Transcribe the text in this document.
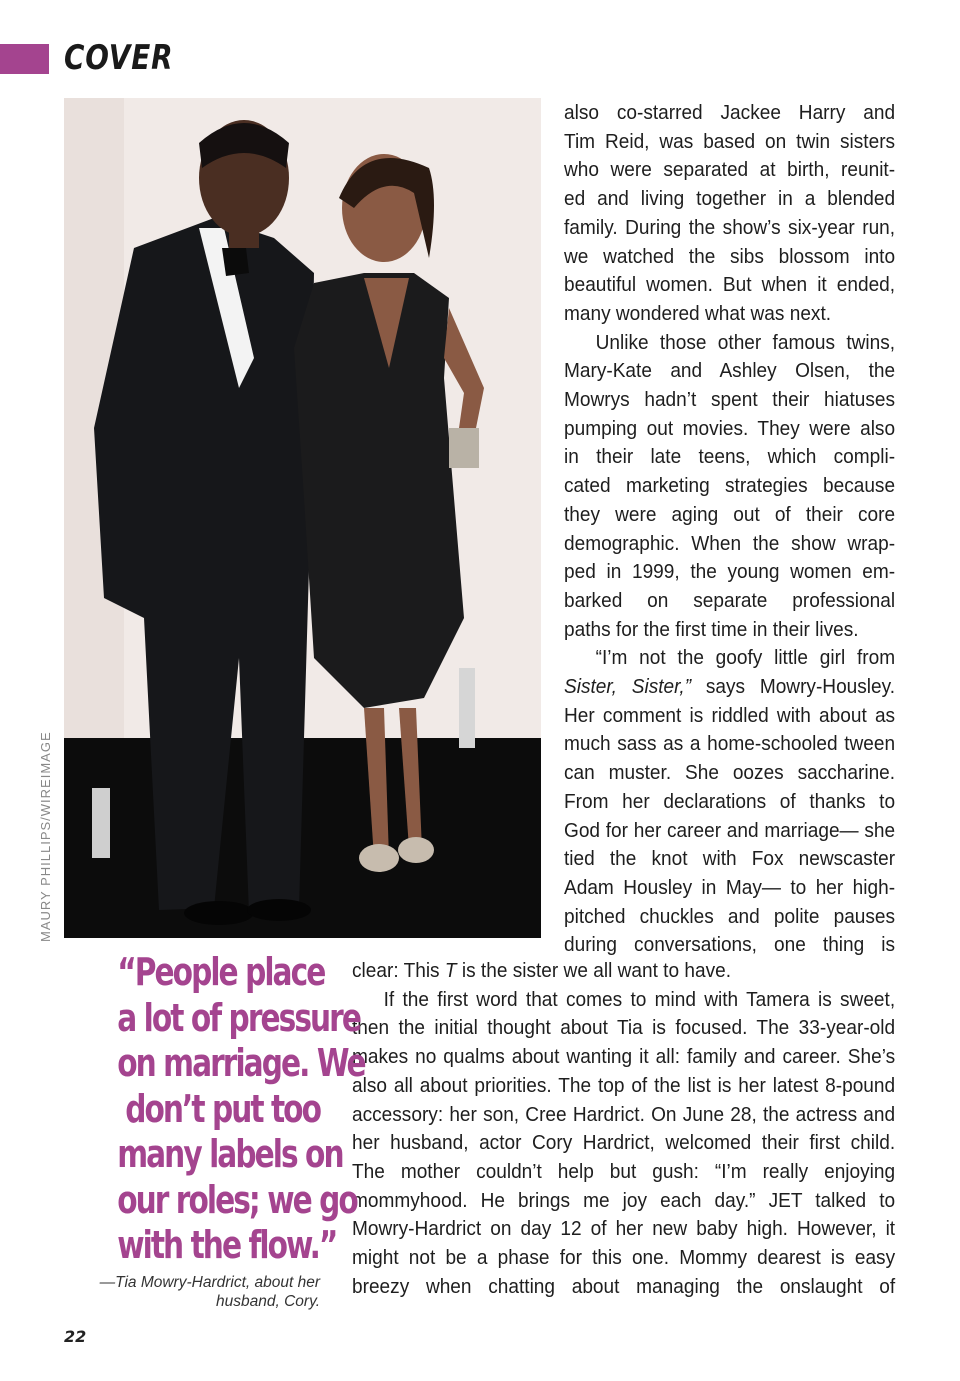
COVER
MAURY PHILLIPS/WIREIMAGE

also co-starred Jackee Harry and
Tim Reid, was based on twin sisters
who were separated at birth, reunit-
ed and living together in a blended
family. During the show’s six-year run,
we watched the sibs blossom into
beautiful women. But when it ended,
many wondered what was next.
Unlike those other famous twins,
Mary-Kate and Ashley Olsen, the
Mowrys hadn’t spent their hiatuses
pumping out movies. They were also
in their late teens, which compli-
cated marketing strategies because
they were aging out of their core
demographic. When the show wrap-
ped in 1999, the young women em-
barked on separate professional
paths for the first time in their lives.
“I’m not the goofy little girl from
Sister, Sister,” says Mowry-Housley.
Her comment is riddled with about as
much sass as a home-schooled tween
can muster. She oozes saccharine.
From her declarations of thanks to
God for her career and marriage— she
tied the knot with Fox newscaster
Adam Housley in May— to her high-
pitched chuckles and polite pauses
during conversations, one thing is

clear: This T is the sister we all want to have.
If the first word that comes to mind with Tamera is sweet,
then the initial thought about Tia is focused. The 33-year-old
makes no qualms about wanting it all: family and career. She’s
also all about priorities. The top of the list is her latest 8-pound
accessory: her son, Cree Hardrict. On June 28, the actress and
her husband, actor Cory Hardrict, welcomed their first child.
The mother couldn’t help but gush: “I’m really enjoying
mommyhood. He brings me joy each day.” JET talked to
Mowry-Hardrict on day 12 of her new baby high. However, it
might not be a phase for this one. Mommy dearest is easy
breezy when chatting about managing the onslaught of

“People place
a lot of pressure
on marriage. We
don’t put too
many labels on
our roles; we go
with the flow.”
—Tia Mowry-Hardrict, about her
husband, Cory.
22
